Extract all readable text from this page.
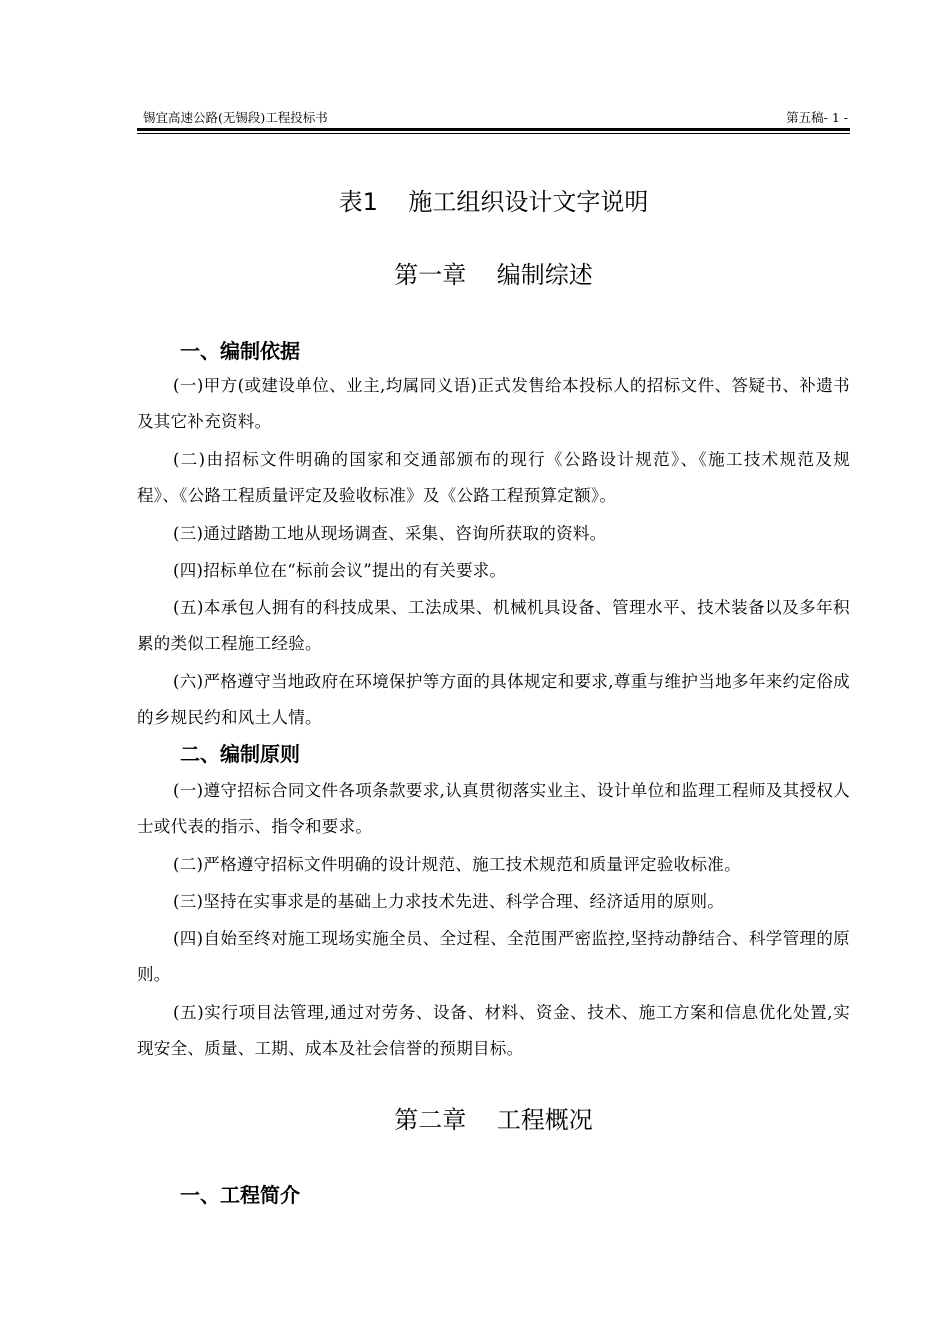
锡宜高速公路(无锡段)工程投标书	第五稿- 1 -
表1    施工组织设计文字说明
第一章    编制综述
一、编制依据
(一)甲方(或建设单位、业主,均属同义语)正式发售给本投标人的招标文件、答疑书、补遗书及其它补充资料。
(二)由招标文件明确的国家和交通部颁布的现行《公路设计规范》、《施工技术规范及规程》、《公路工程质量评定及验收标准》及《公路工程预算定额》。
(三)通过踏勘工地从现场调查、采集、咨询所获取的资料。
(四)招标单位在“标前会议”提出的有关要求。
(五)本承包人拥有的科技成果、工法成果、机械机具设备、管理水平、技术装备以及多年积累的类似工程施工经验。
(六)严格遵守当地政府在环境保护等方面的具体规定和要求,尊重与维护当地多年来约定俗成的乡规民约和风土人情。
二、编制原则
(一)遵守招标合同文件各项条款要求,认真贯彻落实业主、设计单位和监理工程师及其授权人士或代表的指示、指令和要求。
(二)严格遵守招标文件明确的设计规范、施工技术规范和质量评定验收标准。
(三)坚持在实事求是的基础上力求技术先进、科学合理、经济适用的原则。
(四)自始至终对施工现场实施全员、全过程、全范围严密监控,坚持动静结合、科学管理的原则。
(五)实行项目法管理,通过对劳务、设备、材料、资金、技术、施工方案和信息优化处置,实现安全、质量、工期、成本及社会信誉的预期目标。
第二章    工程概况
一、工程简介
